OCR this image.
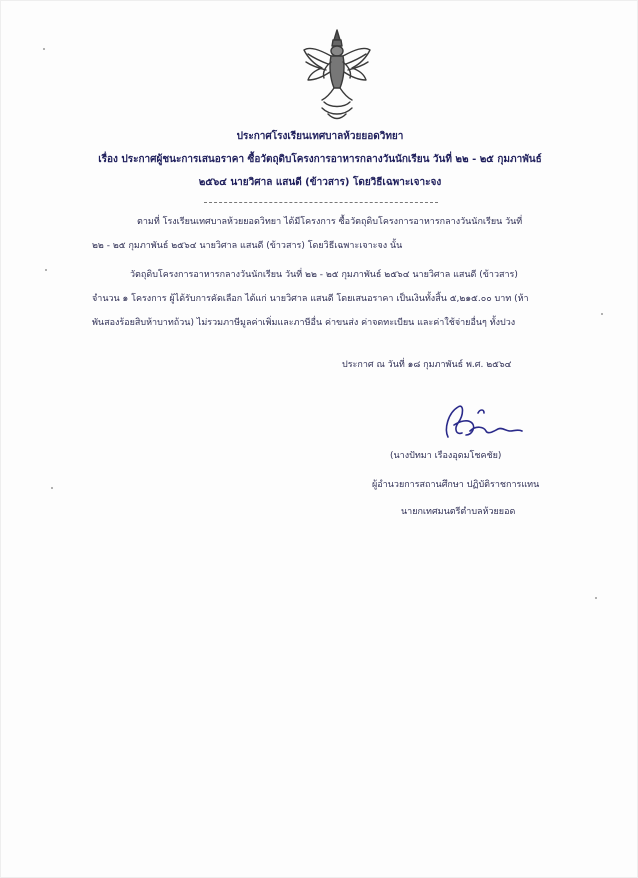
ประกาศโรงเรียนเทศบาลห้วยยอดวิทยา
เรื่อง ประกาศผู้ชนะการเสนอราคา ซื้อวัตถุดิบโครงการอาหารกลางวันนักเรียน วันที่ ๒๒ - ๒๕ กุมภาพันธ์
๒๕๖๔ นายวิศาล แสนดี (ข้าวสาร) โดยวิธีเฉพาะเจาะจง
ตามที่ โรงเรียนเทศบาลห้วยยอดวิทยา ได้มีโครงการ ซื้อวัตถุดิบโครงการอาหารกลางวันนักเรียน วันที่
๒๒ - ๒๕ กุมภาพันธ์ ๒๕๖๔ นายวิศาล แสนดี (ข้าวสาร) โดยวิธีเฉพาะเจาะจง นั้น
วัตถุดิบโครงการอาหารกลางวันนักเรียน วันที่ ๒๒ - ๒๕ กุมภาพันธ์ ๒๕๖๔ นายวิศาล แสนดี (ข้าวสาร)
จำนวน ๑ โครงการ ผู้ได้รับการคัดเลือก ได้แก่ นายวิศาล แสนดี โดยเสนอราคา เป็นเงินทั้งสิ้น ๕,๒๑๕.๐๐ บาท (ห้า
พันสองร้อยสิบห้าบาทถ้วน) ไม่รวมภาษีมูลค่าเพิ่มและภาษีอื่น ค่าขนส่ง ค่าจดทะเบียน และค่าใช้จ่ายอื่นๆ ทั้งปวง
ประกาศ ณ วันที่ ๑๘ กุมภาพันธ์ พ.ศ. ๒๕๖๔
(นางปัทมา เรืองอุดมโชคชัย)
ผู้อำนวยการสถานศึกษา ปฏิบัติราชการแทน
นายกเทศมนตรีตำบลห้วยยอด
